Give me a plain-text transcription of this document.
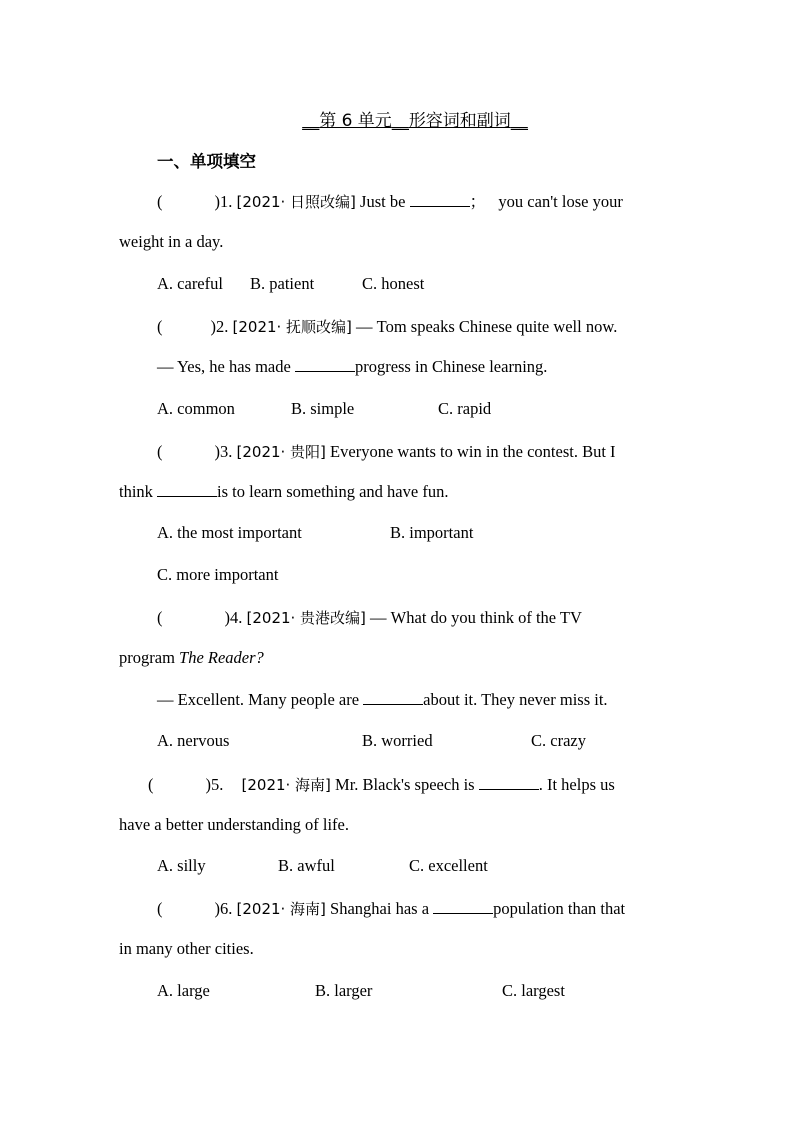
__第 6 单元__形容词和副词__
一、单项填空
(	)1. [2021· 日照改编] Just be	；   you can't lose your
weight in a day.
A. careful B. patient	C. honest
(	)2. [2021· 抚顺改编] — Tom speaks Chinese quite well now.
— Yes, he has made	progress in Chinese learning.
A. common	B. simple	C. rapid
(	)3. [2021· 贵阳] Everyone wants to win in the contest. But I
think	is to learn something and have fun.
A. the most important	B. important
C. more important
(	)4. [2021· 贵港改编] — What do you think of the TV
program The Reader?
— Excellent. Many people are	about it. They never miss it.
A. nervous	B. worried	C. crazy
(	)5. [2021· 海南] Mr. Black's speech is	. It helps us
have a better understanding of life.
A. silly	B. awful	C. excellent
(	)6. [2021· 海南] Shanghai has a	population than that
in many other cities.
A. large	B. larger	C. largest
